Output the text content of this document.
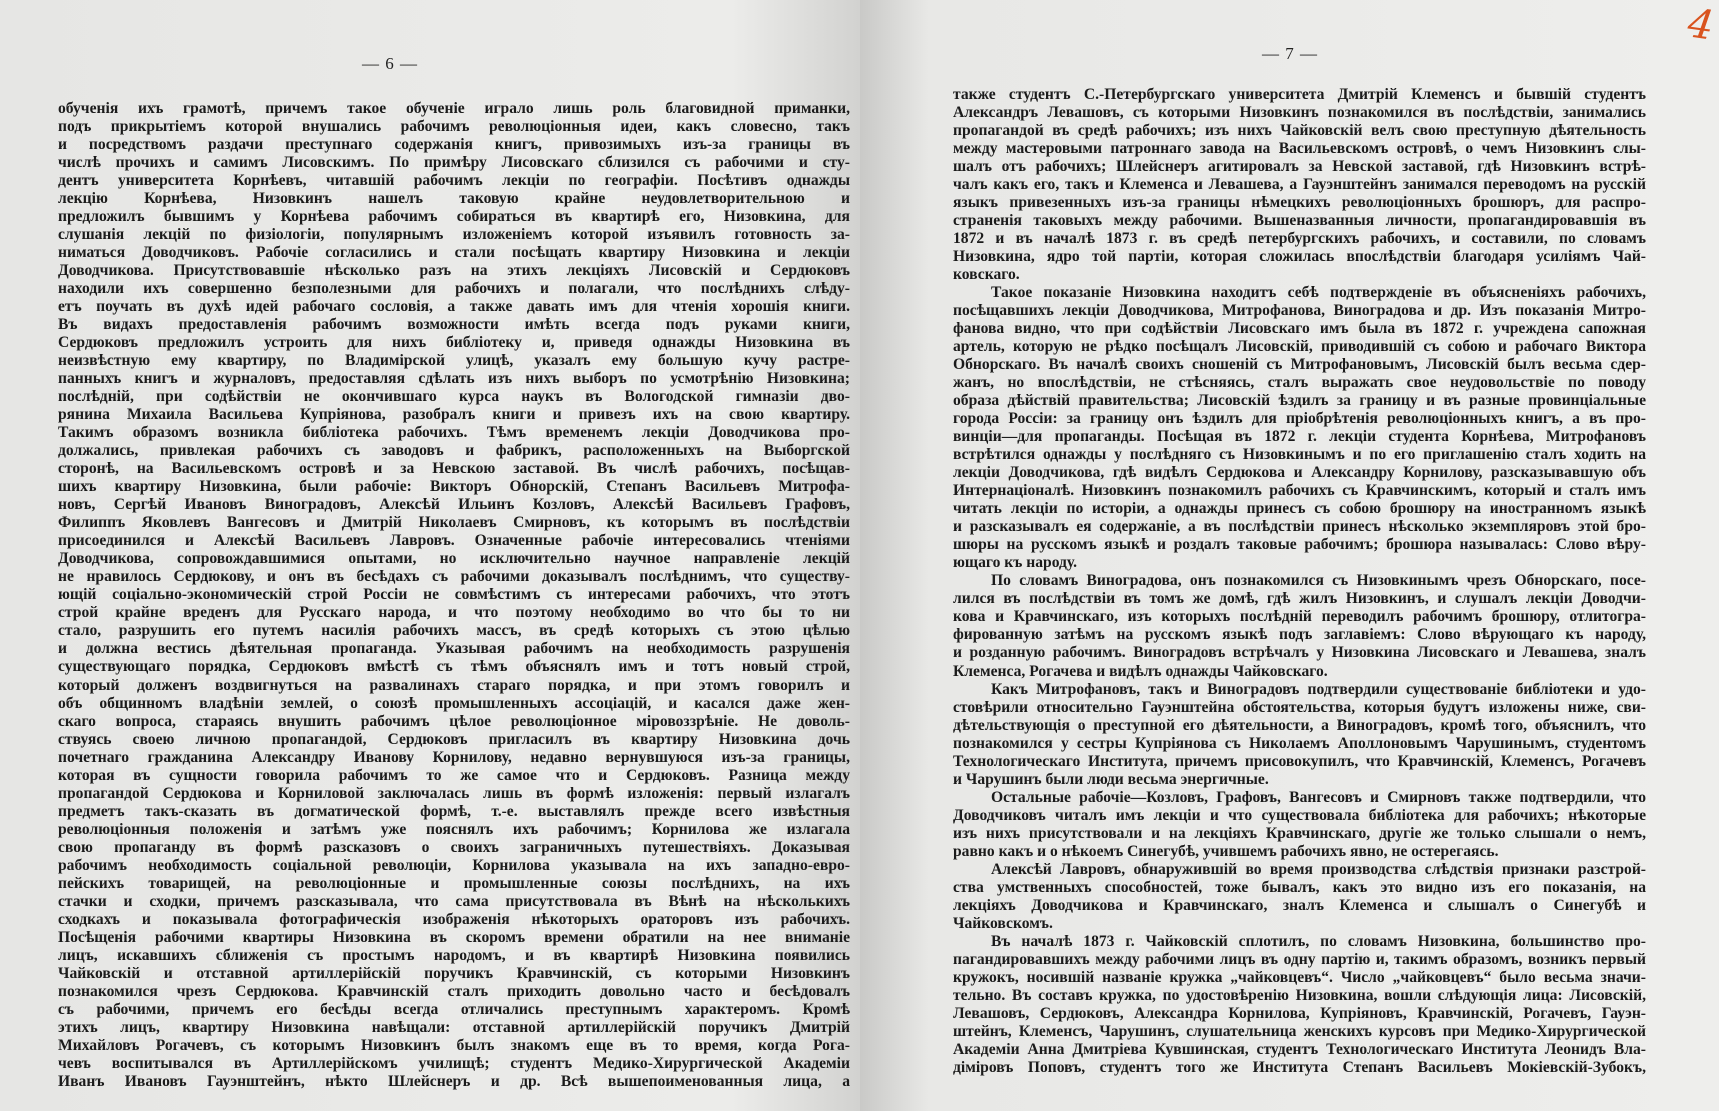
— 6 —
обученія ихъ грамотѣ, причемъ такое обученіе играло лишь роль благовидной приманки,
подъ прикрытіемъ которой внушались рабочимъ революціонныя идеи, какъ словесно, такъ
и посредствомъ раздачи преступнаго содержанія книгъ, привозимыхъ изъ-за границы въ
числѣ прочихъ и самимъ Лисовскимъ. По примѣру Лисовскаго сблизился съ рабочими и сту-
дентъ университета Корнѣевъ, читавшій рабочимъ лекціи по географіи. Посѣтивъ однажды
лекцію Корнѣева, Низовкинъ нашелъ таковую крайне неудовлетворительною и
предложилъ бывшимъ у Корнѣева рабочимъ собираться въ квартирѣ его, Низовкина, для
слушанія лекцій по физіологіи, популярнымъ изложеніемъ которой изъявилъ готовность за-
ниматься Доводчиковъ. Рабочіе согласились и стали посѣщать квартиру Низовкина и лекціи
Доводчикова. Присутствовавшіе нѣсколько разъ на этихъ лекціяхъ Лисовскій и Сердюковъ
находили ихъ совершенно безполезными для рабочихъ и полагали, что послѣднихъ слѣду-
етъ поучать въ духѣ идей рабочаго сословія, а также давать имъ для чтенія хорошія книги.
Въ видахъ предоставленія рабочимъ возможности имѣть всегда подъ руками книги,
Сердюковъ предложилъ устроить для нихъ библіотеку и, приведя однажды Низовкина въ
неизвѣстную ему квартиру, по Владимірской улицѣ, указалъ ему большую кучу растре-
панныхъ книгъ и журналовъ, предоставляя сдѣлать изъ нихъ выборъ по усмотрѣнію Низовкина;
послѣдній, при содѣйствіи не окончившаго курса наукъ въ Вологодской гимназіи дво-
рянина Михаила Васильева Купріянова, разобралъ книги и привезъ ихъ на свою квартиру.
Такимъ образомъ возникла библіотека рабочихъ. Тѣмъ временемъ лекціи Доводчикова про-
должались, привлекая рабочихъ съ заводовъ и фабрикъ, расположенныхъ на Выборгской
сторонѣ, на Васильевскомъ островѣ и за Невскою заставой. Въ числѣ рабочихъ, посѣщав-
шихъ квартиру Низовкина, были рабочіе: Викторъ Обнорскій, Степанъ Васильевъ Митрофа-
новъ, Сергѣй Ивановъ Виноградовъ, Алексѣй Ильинъ Козловъ, Алексѣй Васильевъ Графовъ,
Филиппъ Яковлевъ Вангесовъ и Дмитрій Николаевъ Смирновъ, къ которымъ въ послѣдствіи
присоединился и Алексѣй Васильевъ Лавровъ. Означенные рабочіе интересовались чтеніями
Доводчикова, сопровождавшимися опытами, но исключительно научное направленіе лекцій
не нравилось Сердюкову, и онъ въ бесѣдахъ съ рабочими доказывалъ послѣднимъ, что существу-
ющій соціально-экономическій строй Россіи не совмѣстимъ съ интересами рабочихъ, что этотъ
строй крайне вреденъ для Русскаго народа, и что поэтому необходимо во что бы то ни
стало, разрушить его путемъ насилія рабочихъ массъ, въ средѣ которыхъ съ этою цѣлью
и должна вестись дѣятельная пропаганда. Указывая рабочимъ на необходимость разрушенія
существующаго порядка, Сердюковъ вмѣстѣ съ тѣмъ объяснялъ имъ и тотъ новый строй,
который долженъ воздвигнуться на развалинахъ стараго порядка, и при этомъ говорилъ и
объ общинномъ владѣніи землей, о союзѣ промышленныхъ ассоціацій, и касался даже жен-
скаго вопроса, стараясь внушить рабочимъ цѣлое революціонное міровоззрѣніе. Не доволь-
ствуясь своею личною пропагандой, Сердюковъ пригласилъ въ квартиру Низовкина дочь
почетнаго гражданина Александру Иванову Корнилову, недавно вернувшуюся изъ-за границы,
которая въ сущности говорила рабочимъ то же самое что и Сердюковъ. Разница между
пропагандой Сердюкова и Корниловой заключалась лишь въ формѣ изложенія: первый излагалъ
предметъ такъ-сказать въ догматической формѣ, т.-е. выставлялъ прежде всего извѣстныя
революціонныя положенія и затѣмъ уже пояснялъ ихъ рабочимъ; Корнилова же излагала
свою пропаганду въ формѣ разсказовъ о своихъ заграничныхъ путешествіяхъ. Доказывая
рабочимъ необходимость соціальной революціи, Корнилова указывала на ихъ западно-евро-
пейскихъ товарищей, на революціонные и промышленные союзы послѣднихъ, на ихъ
стачки и сходки, причемъ разсказывала, что сама присутствовала въ Вѣнѣ на нѣсколькихъ
сходкахъ и показывала фотографическія изображенія нѣкоторыхъ ораторовъ изъ рабочихъ.
Посѣщенія рабочими квартиры Низовкина въ скоромъ времени обратили на нее вниманіе
лицъ, искавшихъ сближенія съ простымъ народомъ, и въ квартирѣ Низовкина появились
Чайковскій и отставной артиллерійскій поручикъ Кравчинскій, съ которыми Низовкинъ
познакомился чрезъ Сердюкова. Кравчинскій сталъ приходить довольно часто и бесѣдовалъ
съ рабочими, причемъ его бесѣды всегда отличались преступнымъ характеромъ. Кромѣ
этихъ лицъ, квартиру Низовкина навѣщали: отставной артиллерійскій поручикъ Дмитрій
Михайловъ Рогачевъ, съ которымъ Низовкинъ былъ знакомъ еще въ то время, когда Рога-
чевъ воспитывался въ Артиллерійскомъ училищѣ; студентъ Медико-Хирургической Академіи
Иванъ Ивановъ Гауэнштейнъ, нѣкто Шлейснеръ и др. Всѣ вышепоименованныя лица, а
— 7 —
также студентъ С.-Петербургскаго университета Дмитрій Клеменсъ и бывшій студентъ
Александръ Левашовъ, съ которыми Низовкинъ познакомился въ послѣдствіи, занимались
пропагандой въ средѣ рабочихъ; изъ нихъ Чайковскій велъ свою преступную дѣятельность
между мастеровыми патроннаго завода на Васильевскомъ островѣ, о чемъ Низовкинъ слы-
шалъ отъ рабочихъ; Шлейснеръ агитировалъ за Невской заставой, гдѣ Низовкинъ встрѣ-
чалъ какъ его, такъ и Клеменса и Левашева, а Гауэнштейнъ занимался переводомъ на русскій
языкъ привезенныхъ изъ-за границы нѣмецкихъ революціонныхъ брошюръ, для распро-
страненія таковыхъ между рабочими. Вышеназванныя личности, пропагандировавшія въ
1872 и въ началѣ 1873 г. въ средѣ петербургскихъ рабочихъ, и составили, по словамъ
Низовкина, ядро той партіи, которая сложилась впослѣдствіи благодаря усиліямъ Чай-
ковскаго.
Такое показаніе Низовкина находитъ себѣ подтвержденіе въ объясненіяхъ рабочихъ,
посѣщавшихъ лекціи Доводчикова, Митрофанова, Виноградова и др. Изъ показанія Митро-
фанова видно, что при содѣйствіи Лисовскаго имъ была въ 1872 г. учреждена сапожная
артель, которую не рѣдко посѣщалъ Лисовскій, приводившій съ собою и рабочаго Виктора
Обнорскаго. Въ началѣ своихъ сношеній съ Митрофановымъ, Лисовскій былъ весьма сдер-
жанъ, но впослѣдствіи, не стѣсняясь, сталъ выражать свое неудовольствіе по поводу
образа дѣйствій правительства; Лисовскій ѣздилъ за границу и въ разные провинціальные
города Россіи: за границу онъ ѣздилъ для пріобрѣтенія революціонныхъ книгъ, а въ про-
винціи—для пропаганды. Посѣщая въ 1872 г. лекціи студента Корнѣева, Митрофановъ
встрѣтился однажды у послѣдняго съ Низовкинымъ и по его приглашенію сталъ ходить на
лекціи Доводчикова, гдѣ видѣлъ Сердюкова и Александру Корнилову, разсказывавшую объ
Интернаціоналѣ. Низовкинъ познакомилъ рабочихъ съ Кравчинскимъ, который и сталъ имъ
читать лекціи по исторіи, а однажды принесъ съ собою брошюру на иностранномъ языкѣ
и разсказывалъ ея содержаніе, а въ послѣдствіи принесъ нѣсколько экземпляровъ этой бро-
шюры на русскомъ языкѣ и роздалъ таковые рабочимъ; брошюра называлась: Слово вѣру-
ющаго къ народу.
По словамъ Виноградова, онъ познакомился съ Низовкинымъ чрезъ Обнорскаго, посе-
лился въ послѣдствіи въ томъ же домѣ, гдѣ жилъ Низовкинъ, и слушалъ лекціи Доводчи-
кова и Кравчинскаго, изъ которыхъ послѣдній переводилъ рабочимъ брошюру, отлитогра-
фированную затѣмъ на русскомъ языкѣ подъ заглавіемъ: Слово вѣрующаго къ народу,
и розданную рабочимъ. Виноградовъ встрѣчалъ у Низовкина Лисовскаго и Левашева, зналъ
Клеменса, Рогачева и видѣлъ однажды Чайковскаго.
Какъ Митрофановъ, такъ и Виноградовъ подтвердили существованіе библіотеки и удо-
стовѣрили относительно Гауэнштейна обстоятельства, которыя будутъ изложены ниже, сви-
дѣтельствующія о преступной его дѣятельности, а Виноградовъ, кромѣ того, объяснилъ, что
познакомился у сестры Купріянова съ Николаемъ Аполлоновымъ Чарушинымъ, студентомъ
Технологическаго Института, причемъ присовокупилъ, что Кравчинскій, Клеменсъ, Рогачевъ
и Чарушинъ были люди весьма энергичные.
Остальные рабочіе—Козловъ, Графовъ, Вангесовъ и Смирновъ также подтвердили, что
Доводчиковъ читалъ имъ лекціи и что существовала библіотека для рабочихъ; нѣкоторые
изъ нихъ присутствовали и на лекціяхъ Кравчинскаго, другіе же только слышали о немъ,
равно какъ и о нѣкоемъ Синегубѣ, учившемъ рабочихъ явно, не остерегаясь.
Алексѣй Лавровъ, обнаружившій во время производства слѣдствія признаки разстрой-
ства умственныхъ способностей, тоже бывалъ, какъ это видно изъ его показанія, на
лекціяхъ Доводчикова и Кравчинскаго, зналъ Клеменса и слышалъ о Синегубѣ и
Чайковскомъ.
Въ началѣ 1873 г. Чайковскій сплотилъ, по словамъ Низовкина, большинство про-
пагандировавшихъ между рабочими лицъ въ одну партію и, такимъ образомъ, возникъ первый
кружокъ, носившій названіе кружка „чайковцевъ“. Число „чайковцевъ“ было весьма значи-
тельно. Въ составъ кружка, по удостовѣренію Низовкина, вошли слѣдующія лица: Лисовскій,
Левашовъ, Сердюковъ, Александра Корнилова, Купріяновъ, Кравчинскій, Рогачевъ, Гауэн-
штейнъ, Клеменсъ, Чарушинъ, слушательница женскихъ курсовъ при Медико-Хирургической
Академіи Анна Дмитріева Кувшинская, студентъ Технологическаго Института Леонидъ Вла-
діміровъ Поповъ, студентъ того же Института Степанъ Васильевъ Мокіевскій-Зубокъ,
4
